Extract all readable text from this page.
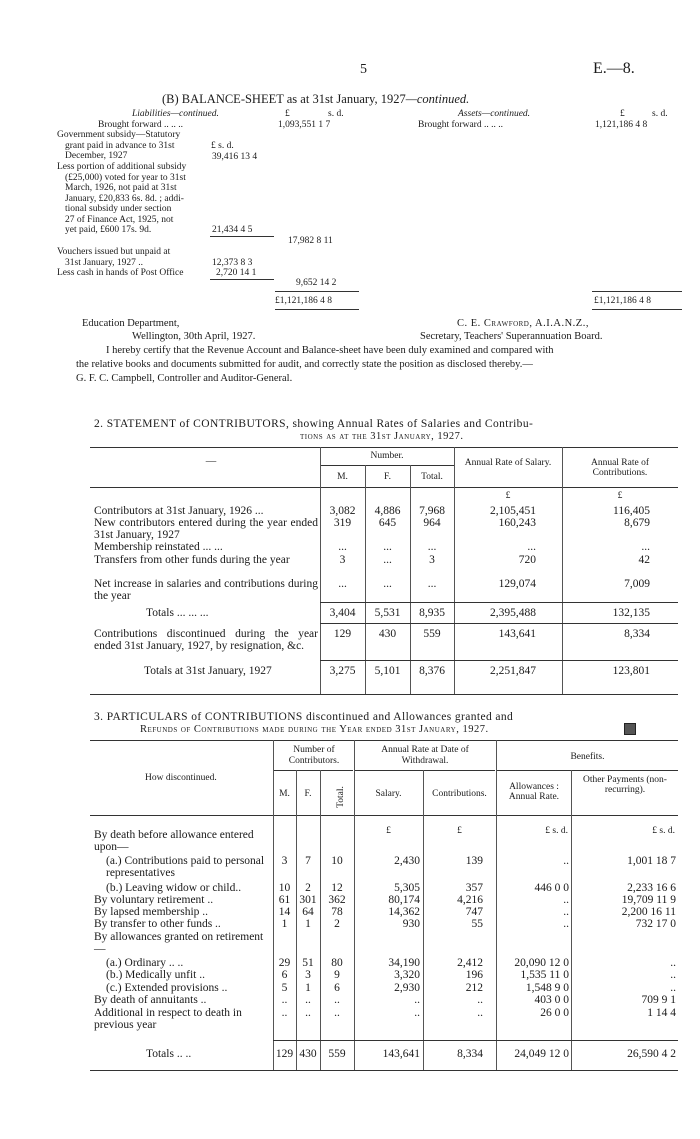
5	E.—8.
(B) BALANCE-SHEET as at 31st January, 1927—continued.
Liabilities—continued.	£	s. d.
Brought forward .. .. ..	1,093,551 1 7
Government subsidy—Statutory
grant paid in advance to 31st
December, 1927
£ s. d.
39,416 13 4
Less portion of additional subsidy
(£25,000) voted for year to 31st
March, 1926, not paid at 31st
January, £20,833 6s. 8d. ; addi-
tional subsidy under section
27 of Finance Act, 1925, not
yet paid, £600 17s. 9d.	21,434 4 5
17,982 8 11
Vouchers issued but unpaid at
31st January, 1927 ..	12,373 8 3
Less cash in hands of Post Office	2,720 14 1
9,652 14 2
£1,121,186 4 8
Assets—continued.	£	s. d.
Brought forward .. .. ..	1,121,186 4 8
£1,121,186 4 8
Education Department,
Wellington, 30th April, 1927.
C. E. Crawford, A.I.A.N.Z.,
Secretary, Teachers' Superannuation Board.
I hereby certify that the Revenue Account and Balance-sheet have been duly examined and compared with
the relative books and documents submitted for audit, and correctly state the position as disclosed thereby.—
G. F. C. Campbell, Controller and Auditor-General.
2. STATEMENT of CONTRIBUTORS, showing Annual Rates of Salaries and Contribu-
tions as at the 31st January, 1927.
—	Number.
M.	F.	Total.
Annual Rate of Salary.	Annual Rate of Contributions.
£	£
Contributors at 31st January, 1926 ...	3,082	4,886	7,968	2,105,451	116,405
New contributors entered during the year ended 31st January, 1927
319	645	964	160,243	8,679
Membership reinstated ... ...	...	...	...	...	...
Transfers from other funds during the year	3	...	3	720	42
Net increase in salaries and contributions during the year
...	...	...	129,074	7,009
Totals ... ... ...	3,404	5,531	8,935	2,395,488	132,135
Contributions discontinued during the year ended 31st January, 1927, by resignation, &c.
129	430	559	143,641	8,334
Totals at 31st January, 1927	3,275	5,101	8,376	2,251,847	123,801
3. PARTICULARS of CONTRIBUTIONS discontinued and Allowances granted and
Refunds of Contributions made during the Year ended 31st January, 1927.
How discontinued.
Number of Contributors.
Annual Rate at Date of Withdrawal.	Benefits.
M.	F.	Total.	Salary.	Contributions.
Allowances : Annual Rate.
Other Payments (non-recurring).
£	£	£ s. d.	£ s. d.
By death before allowance entered upon—
(a.) Contributions paid to personal representatives
3	7	10	2,430	139	..	1,001 18 7
(b.) Leaving widow or child..	10	2	12	5,305	357	446 0 0	2,233 16 6
By voluntary retirement ..	61 301	362	80,174	4,216	..	19,709 11 9
By lapsed membership ..	14	64	78	14,362	747	..	2,200 16 11
By transfer to other funds ..	1	1	2	930	55	..	732 17 0
By allowances granted on retirement—
(a.) Ordinary .. ..	29	51	80	34,190	2,412	20,090 12 0	..
(b.) Medically unfit ..	6	3	9	3,320	196	1,535 11 0	..
(c.) Extended provisions ..	5	1	6	2,930	212	1,548 9 0	..
By death of annuitants ..	..	..	..	..	..	403 0 0	709 9 1
Additional in respect to death in previous year
..	..	..	..	..	26 0 0	1 14 4
Totals .. ..	129 430	559	143,641	8,334	24,049 12 0	26,590 4 2
